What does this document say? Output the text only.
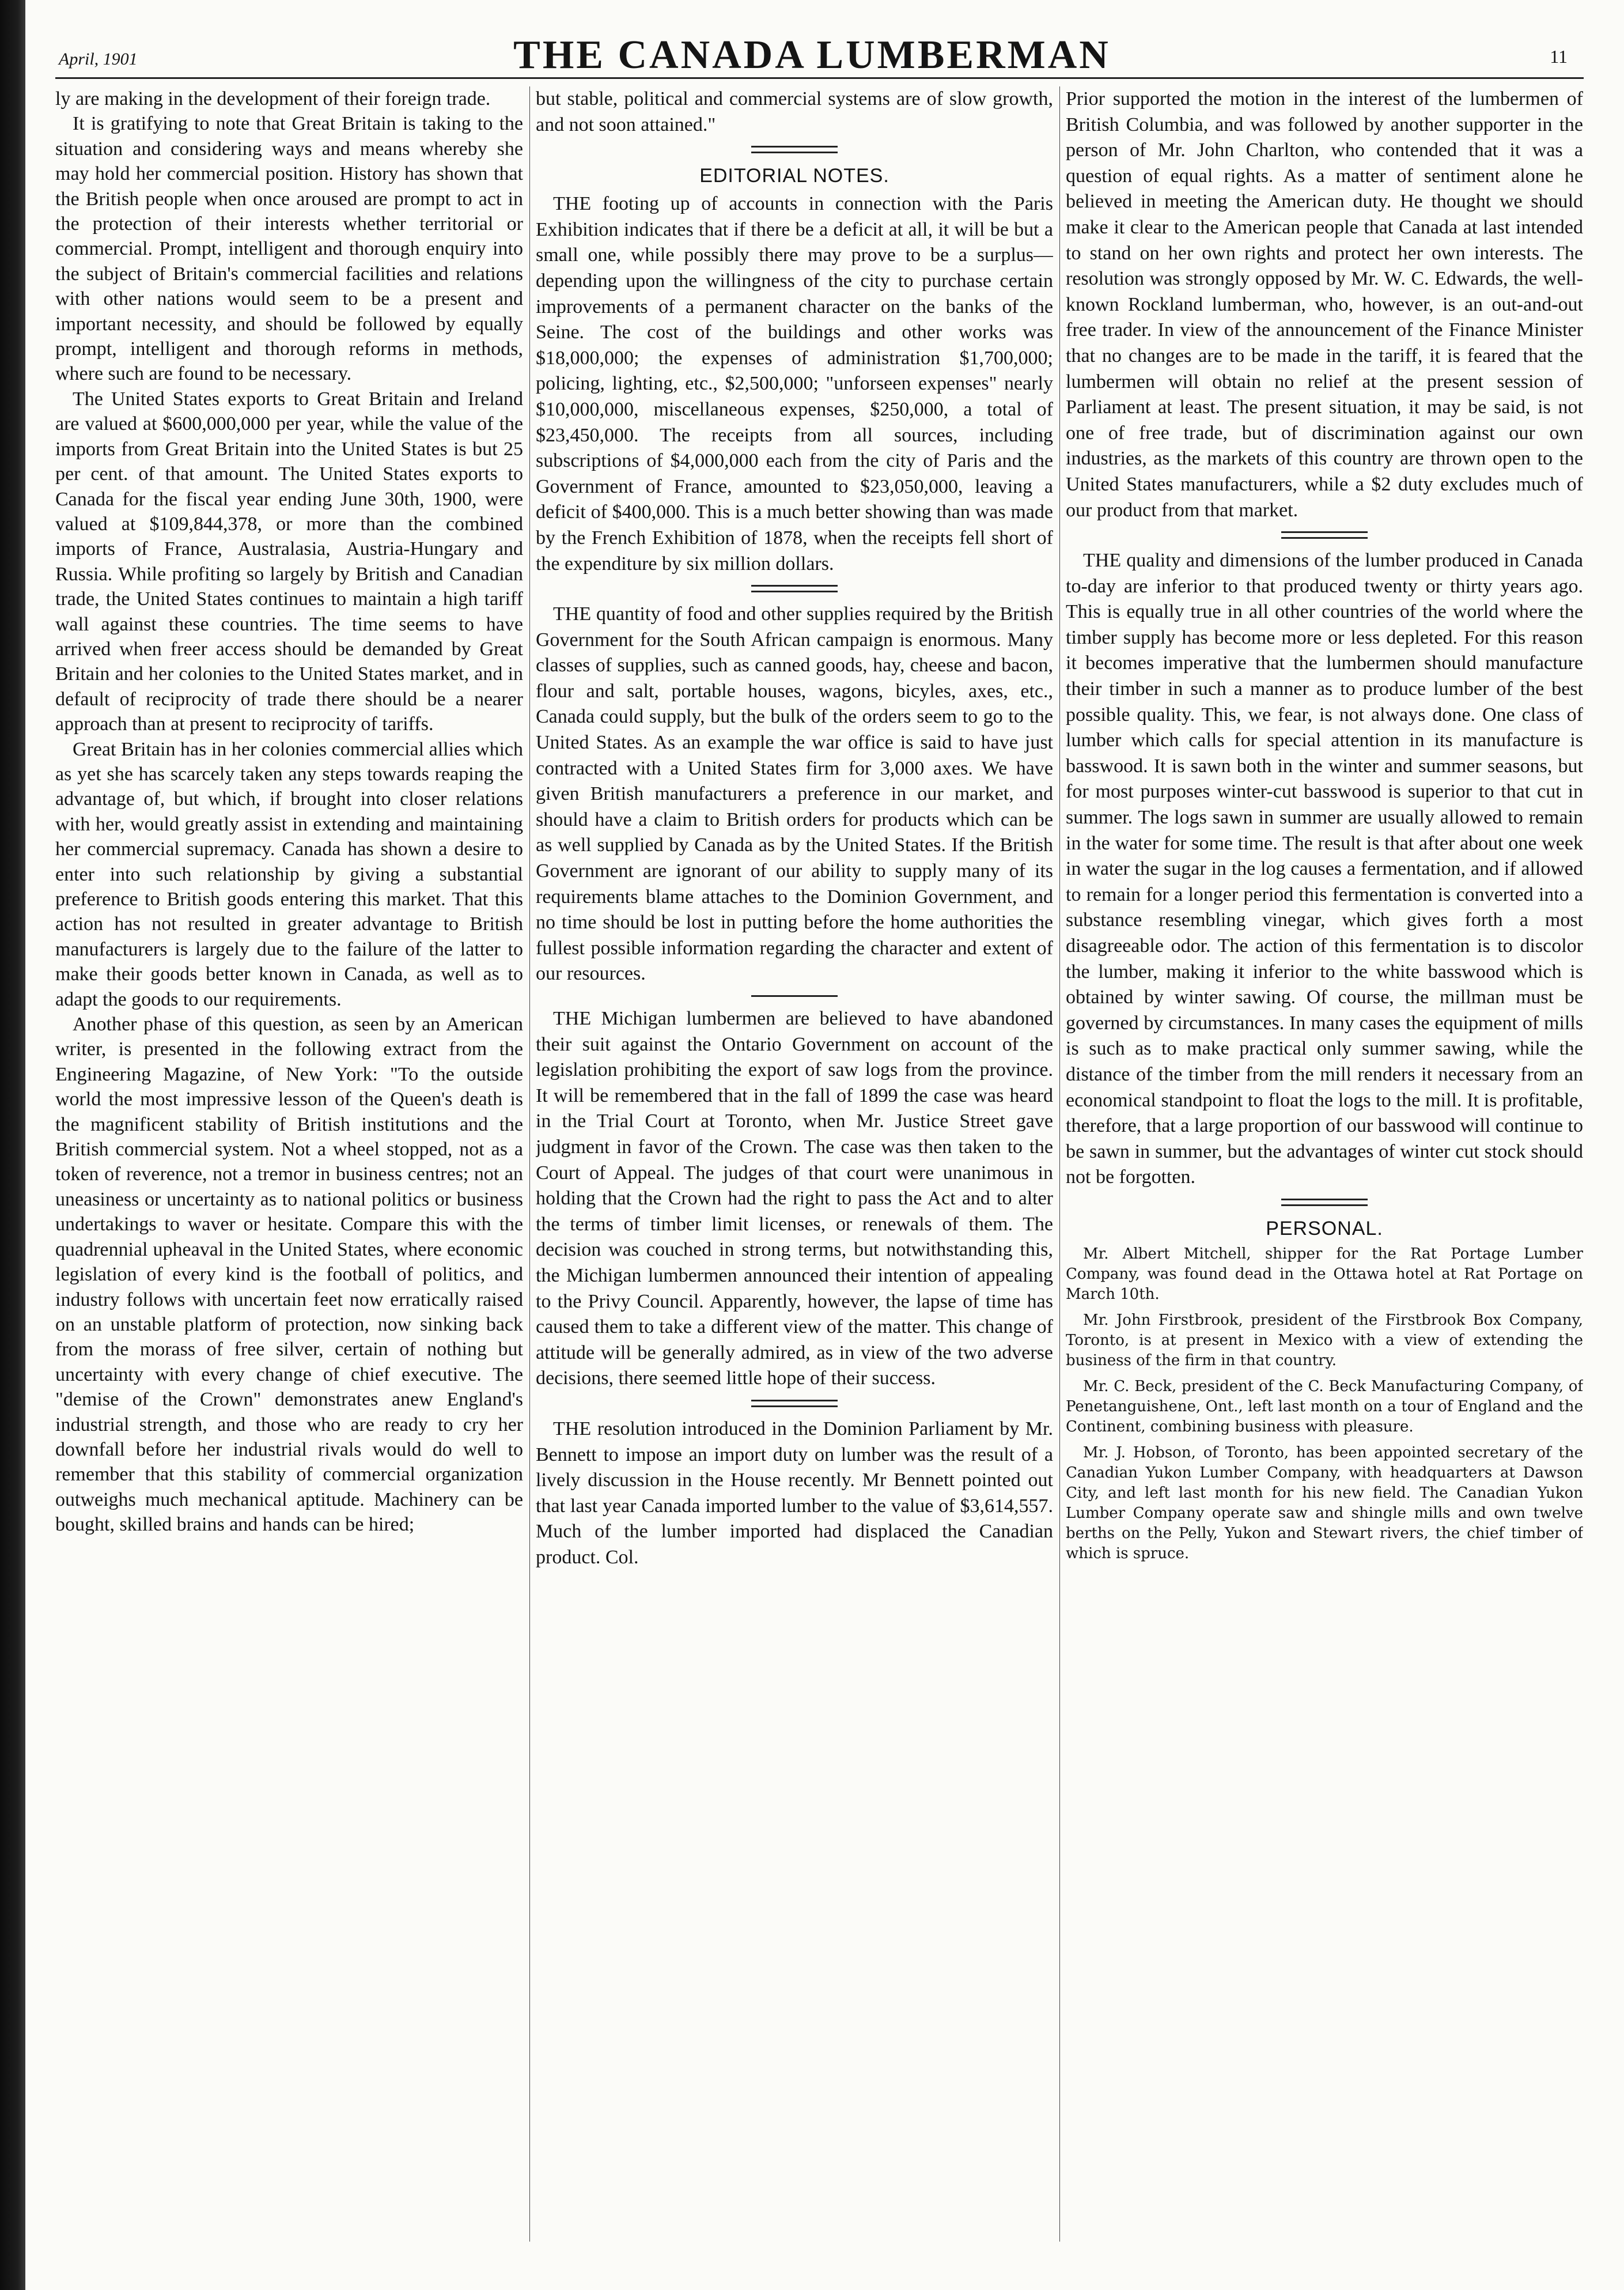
April, 1901	THE CANADA LUMBERMAN	11

ly are making in the development of their foreign trade.

It is gratifying to note that Great Britain is taking to the situation and considering ways and means whereby she may hold her commercial position. History has shown that the British people when once aroused are prompt to act in the protection of their interests whether territorial or commercial. Prompt, intelligent and thorough enquiry into the subject of Britain's commercial facilities and relations with other nations would seem to be a present and important necessity, and should be followed by equally prompt, intelligent and thorough reforms in methods, where such are found to be necessary.

The United States exports to Great Britain and Ireland are valued at $600,000,000 per year, while the value of the imports from Great Britain into the United States is but 25 per cent. of that amount. The United States exports to Canada for the fiscal year ending June 30th, 1900, were valued at $109,844,378, or more than the combined imports of France, Australasia, Austria-Hungary and Russia. While profiting so largely by British and Canadian trade, the United States continues to maintain a high tariff wall against these countries. The time seems to have arrived when freer access should be demanded by Great Britain and her colonies to the United States market, and in default of reciprocity of trade there should be a nearer approach than at present to reciprocity of tariffs.

Great Britain has in her colonies commercial allies which as yet she has scarcely taken any steps towards reaping the advantage of, but which, if brought into closer relations with her, would greatly assist in extending and maintaining her commercial supremacy. Canada has shown a desire to enter into such relationship by giving a substantial preference to British goods entering this market. That this action has not resulted in greater advantage to British manufacturers is largely due to the failure of the latter to make their goods better known in Canada, as well as to adapt the goods to our requirements.

Another phase of this question, as seen by an American writer, is presented in the following extract from the Engineering Magazine, of New York: "To the outside world the most impressive lesson of the Queen's death is the magnificent stability of British institutions and the British commercial system. Not a wheel stopped, not as a token of reverence, not a tremor in business centres; not an uneasiness or uncertainty as to national politics or business undertakings to waver or hesitate. Compare this with the quadrennial upheaval in the United States, where economic legislation of every kind is the football of politics, and industry follows with uncertain feet now erratically raised on an unstable platform of protection, now sinking back from the morass of free silver, certain of nothing but uncertainty with every change of chief executive. The "demise of the Crown" demonstrates anew England's industrial strength, and those who are ready to cry her downfall before her industrial rivals would do well to remember that this stability of commercial organization outweighs much mechanical aptitude. Machinery can be bought, skilled brains and hands can be hired;

but stable, political and commercial systems are of slow growth, and not soon attained."

EDITORIAL NOTES.

THE footing up of accounts in connection with the Paris Exhibition indicates that if there be a deficit at all, it will be but a small one, while possibly there may prove to be a surplus—depending upon the willingness of the city to purchase certain improvements of a permanent character on the banks of the Seine. The cost of the buildings and other works was $18,000,000; the expenses of administration $1,700,000; policing, lighting, etc., $2,500,000; "unforseen expenses" nearly $10,000,000, miscellaneous expenses, $250,000, a total of $23,450,000. The receipts from all sources, including subscriptions of $4,000,000 each from the city of Paris and the Government of France, amounted to $23,050,000, leaving a deficit of $400,000. This is a much better showing than was made by the French Exhibition of 1878, when the receipts fell short of the expenditure by six million dollars.

THE quantity of food and other supplies required by the British Government for the South African campaign is enormous. Many classes of supplies, such as canned goods, hay, cheese and bacon, flour and salt, portable houses, wagons, bicyles, axes, etc., Canada could supply, but the bulk of the orders seem to go to the United States. As an example the war office is said to have just contracted with a United States firm for 3,000 axes. We have given British manufacturers a preference in our market, and should have a claim to British orders for products which can be as well supplied by Canada as by the United States. If the British Government are ignorant of our ability to supply many of its requirements blame attaches to the Dominion Government, and no time should be lost in putting before the home authorities the fullest possible information regarding the character and extent of our resources.

THE Michigan lumbermen are believed to have abandoned their suit against the Ontario Government on account of the legislation prohibiting the export of saw logs from the province. It will be remembered that in the fall of 1899 the case was heard in the Trial Court at Toronto, when Mr. Justice Street gave judgment in favor of the Crown. The case was then taken to the Court of Appeal. The judges of that court were unanimous in holding that the Crown had the right to pass the Act and to alter the terms of timber limit licenses, or renewals of them. The decision was couched in strong terms, but notwithstanding this, the Michigan lumbermen announced their intention of appealing to the Privy Council. Apparently, however, the lapse of time has caused them to take a different view of the matter. This change of attitude will be generally admired, as in view of the two adverse decisions, there seemed little hope of their success.

THE resolution introduced in the Dominion Parliament by Mr. Bennett to impose an import duty on lumber was the result of a lively discussion in the House recently. Mr Bennett pointed out that last year Canada imported lumber to the value of $3,614,557. Much of the lumber imported had displaced the Canadian product. Col.

Prior supported the motion in the interest of the lumbermen of British Columbia, and was followed by another supporter in the person of Mr. John Charlton, who contended that it was a question of equal rights. As a matter of sentiment alone he believed in meeting the American duty. He thought we should make it clear to the American people that Canada at last intended to stand on her own rights and protect her own interests. The resolution was strongly opposed by Mr. W. C. Edwards, the well-known Rockland lumberman, who, however, is an out-and-out free trader. In view of the announcement of the Finance Minister that no changes are to be made in the tariff, it is feared that the lumbermen will obtain no relief at the present session of Parliament at least. The present situation, it may be said, is not one of free trade, but of discrimination against our own industries, as the markets of this country are thrown open to the United States manufacturers, while a $2 duty excludes much of our product from that market.

THE quality and dimensions of the lumber produced in Canada to-day are inferior to that produced twenty or thirty years ago. This is equally true in all other countries of the world where the timber supply has become more or less depleted. For this reason it becomes imperative that the lumbermen should manufacture their timber in such a manner as to produce lumber of the best possible quality. This, we fear, is not always done. One class of lumber which calls for special attention in its manufacture is basswood. It is sawn both in the winter and summer seasons, but for most purposes winter-cut basswood is superior to that cut in summer. The logs sawn in summer are usually allowed to remain in the water for some time. The result is that after about one week in water the sugar in the log causes a fermentation, and if allowed to remain for a longer period this fermentation is converted into a substance resembling vinegar, which gives forth a most disagreeable odor. The action of this fermentation is to discolor the lumber, making it inferior to the white basswood which is obtained by winter sawing. Of course, the millman must be governed by circumstances. In many cases the equipment of mills is such as to make practical only summer sawing, while the distance of the timber from the mill renders it necessary from an economical standpoint to float the logs to the mill. It is profitable, therefore, that a large proportion of our basswood will continue to be sawn in summer, but the advantages of winter cut stock should not be forgotten.

PERSONAL.

Mr. Albert Mitchell, shipper for the Rat Portage Lumber Company, was found dead in the Ottawa hotel at Rat Portage on March 10th.

Mr. John Firstbrook, president of the Firstbrook Box Company, Toronto, is at present in Mexico with a view of extending the business of the firm in that country.

Mr. C. Beck, president of the C. Beck Manufacturing Company, of Penetanguishene, Ont., left last month on a tour of England and the Continent, combining business with pleasure.

Mr. J. Hobson, of Toronto, has been appointed secretary of the Canadian Yukon Lumber Company, with headquarters at Dawson City, and left last month for his new field. The Canadian Yukon Lumber Company operate saw and shingle mills and own twelve berths on the Pelly, Yukon and Stewart rivers, the chief timber of which is spruce.
